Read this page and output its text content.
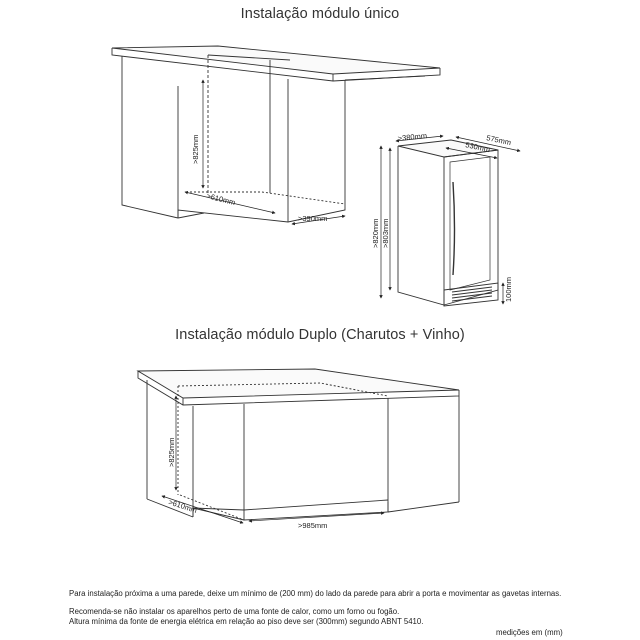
Instalação módulo único
Instalação módulo Duplo (Charutos + Vinho)
>825mm
>610mm
>390mm
>380mm	575mm
530mm
>820mm >803mm
100mm
>825mm
>610mm
>985mm
Para instalação próxima a uma parede, deixe um mínimo de (200 mm) do lado da parede para abrir a porta e movimentar as gavetas internas.
Recomenda-se não instalar os aparelhos perto de uma fonte de calor, como um forno ou fogão.
Altura mínima da fonte de energia elétrica em relação ao piso deve ser (300mm) segundo ABNT 5410.
medições em (mm)
